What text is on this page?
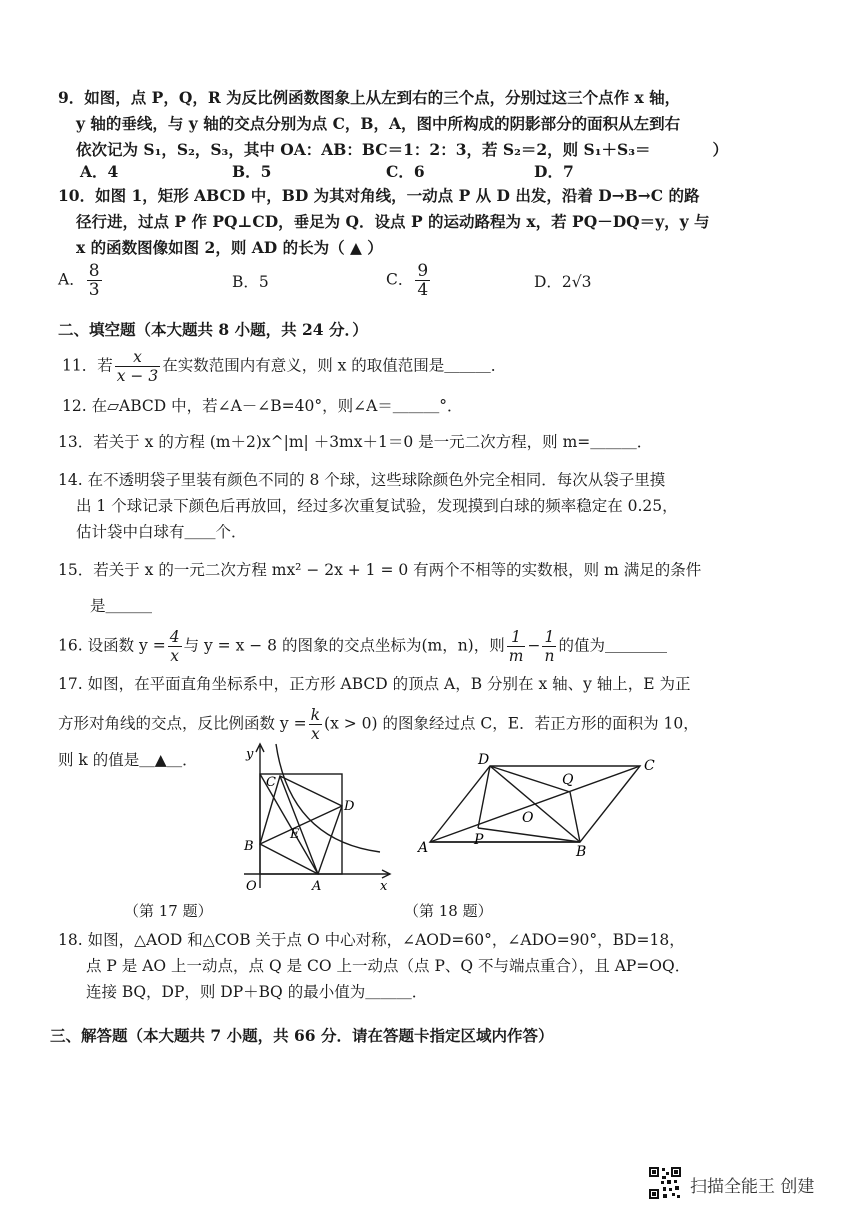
9．如图，点 P，Q，R 为反比例函数图象上从左到右的三个点，分别过这三个点作 x 轴，
y 轴的垂线，与 y 轴的交点分别为点 C，B，A，图中所构成的阴影部分的面积从左到右
依次记为 S₁，S₂，S₃，其中 OA：AB：BC＝1：2：3，若 S₂＝2，则 S₁＋S₃＝　　　　）
A．4	B．5	C．6	D．7
10．如图 1，矩形 ABCD 中，BD 为其对角线，一动点 P 从 D 出发，沿着 D→B→C 的路
径行进，过点 P 作 PQ⊥CD，垂足为 Q．设点 P 的运动路程为 x，若 PQ－DQ＝y，y 与
x 的函数图像如图 2，则 AD 的长为（ ▲ ）
A． $\frac{8}{3}$	B．5	C． $\frac{9}{4}$	D．2√3
二、填空题（本大题共 8 小题，共 24 分．）
11．若 $\frac{x}{x - 3}$ 在实数范围内有意义，则 x 的取值范围是＿＿＿．
12. 在▱ABCD 中，若∠A－∠B=40°，则∠A＝＿＿＿°．
13．若关于 x 的方程 (m＋2)x^|m| ＋3mx＋1＝0 是一元二次方程，则 m=＿＿＿．
14. 在不透明袋子里装有颜色不同的 8 个球，这些球除颜色外完全相同．每次从袋子里摸
出 1 个球记录下颜色后再放回，经过多次重复试验，发现摸到白球的频率稳定在 0.25，
估计袋中白球有＿＿个．
15．若关于 x 的一元二次方程 mx² − 2x + 1 = 0 有两个不相等的实数根，则 m 满足的条件
是＿＿＿
16. 设函数 $y = \frac{4}{x}$ 与 y = x − 8 的图象的交点坐标为(m，n)，则 $\frac{1}{m} - \frac{1}{n}$ 的值为＿＿＿＿
17. 如图，在平面直角坐标系中，正方形 ABCD 的顶点 A，B 分别在 x 轴、y 轴上，E 为正
方形对角线的交点，反比例函数 $y = \frac{k}{x} (x > 0)$ 的图象经过点 C，E．若正方形的面积为 10，
则 k 的值是＿▲＿．	y
C
D
B
E
O	A	x
D	C
Q
O
A	P
B
（第 17 题）	（第 18 题）
18. 如图，△AOD 和△COB 关于点 O 中心对称，∠AOD=60°，∠ADO=90°，BD=18，
点 P 是 AO 上一动点，点 Q 是 CO 上一动点（点 P、Q 不与端点重合），且 AP=OQ．
连接 BQ，DP，则 DP＋BQ 的最小值为＿＿＿．
三、解答题（本大题共 7 小题，共 66 分．请在答题卡指定区域内作答）
扫描全能王 创建
